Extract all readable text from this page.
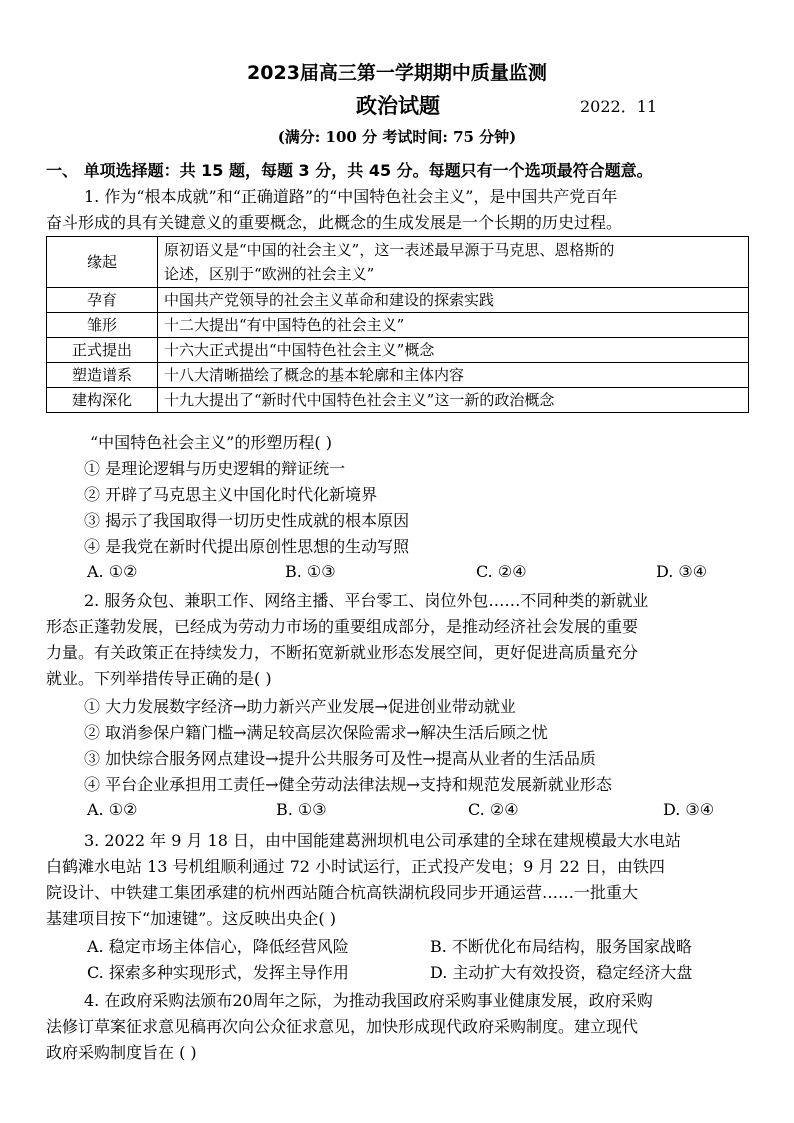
2023届高三第一学期期中质量监测
政治试题	2022．11
(满分: 100 分 考试时间: 75 分钟)
一、 单项选择题：共 15 题，每题 3 分，共 45 分。每题只有一个选项最符合题意。
1. 作为“根本成就”和“正确道路”的“中国特色社会主义”，是中国共产党百年
奋斗形成的具有关键意义的重要概念，此概念的生成发展是一个长期的历史过程。
缘起	原初语义是“中国的社会主义”，这一表述最早源于马克思、恩格斯的
论述，区别于“欧洲的社会主义”

孕育	中国共产党领导的社会主义革命和建设的探索实践
雏形	十二大提出“有中国特色的社会主义”
正式提出	十六大正式提出“中国特色社会主义”概念
塑造谱系	十八大清晰描绘了概念的基本轮廓和主体内容
建构深化	十九大提出了“新时代中国特色社会主义”这一新的政治概念
“中国特色社会主义”的形塑历程( )
① 是理论逻辑与历史逻辑的辩证统一
② 开辟了马克思主义中国化时代化新境界
③ 揭示了我国取得一切历史性成就的根本原因
④ 是我党在新时代提出原创性思想的生动写照
A. ①②	B. ①③	C. ②④	D. ③④
2. 服务众包、兼职工作、网络主播、平台零工、岗位外包……不同种类的新就业
形态正蓬勃发展，已经成为劳动力市场的重要组成部分，是推动经济社会发展的重要
力量。有关政策正在持续发力，不断拓宽新就业形态发展空间，更好促进高质量充分
就业。下列举措传导正确的是( )
① 大力发展数字经济→助力新兴产业发展→促进创业带动就业
② 取消参保户籍门槛→满足较高层次保险需求→解决生活后顾之忧
③ 加快综合服务网点建设→提升公共服务可及性→提高从业者的生活品质
④ 平台企业承担用工责任→健全劳动法律法规→支持和规范发展新就业形态
A. ①②	B. ①③	C. ②④	D. ③④
3. 2022 年 9 月 18 日，由中国能建葛洲坝机电公司承建的全球在建规模最大水电站
白鹤滩水电站 13 号机组顺利通过 72 小时试运行，正式投产发电；9 月 22 日，由铁四
院设计、中铁建工集团承建的杭州西站随合杭高铁湖杭段同步开通运营……一批重大
基建项目按下“加速键”。这反映出央企( )
A. 稳定市场主体信心，降低经营风险	B. 不断优化布局结构，服务国家战略
C. 探索多种实现形式，发挥主导作用	D. 主动扩大有效投资，稳定经济大盘
4. 在政府采购法颁布20周年之际，为推动我国政府采购事业健康发展，政府采购
法修订草案征求意见稿再次向公众征求意见，加快形成现代政府采购制度。建立现代
政府采购制度旨在 ( )
